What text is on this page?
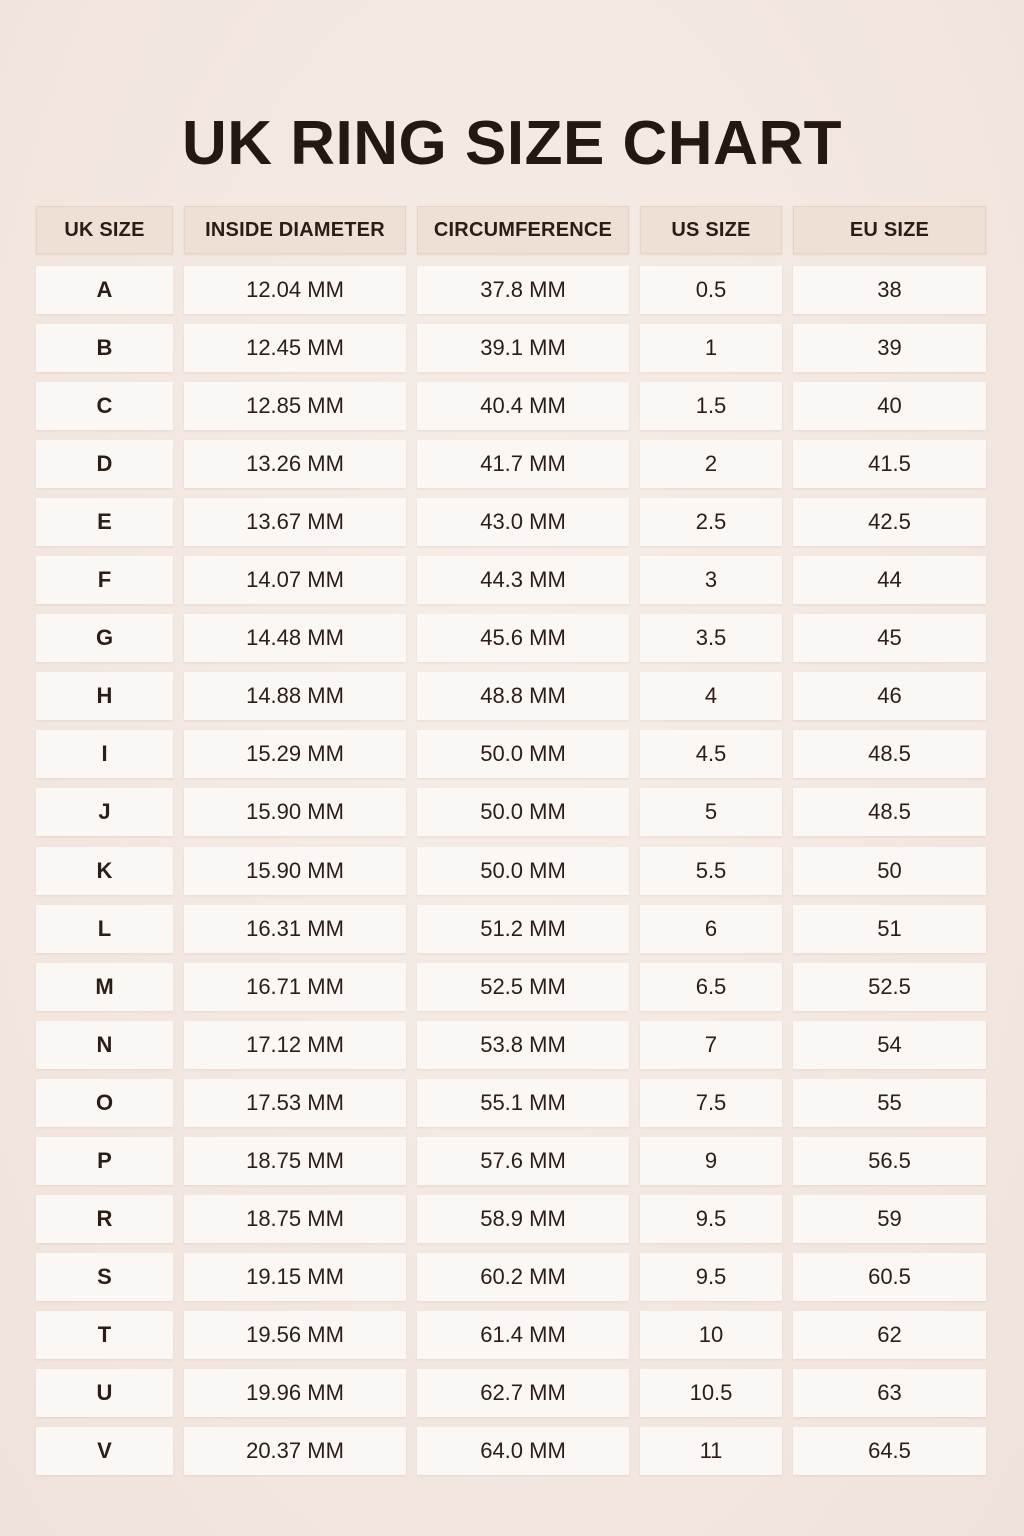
UK RING SIZE CHART
UK SIZE	INSIDE DIAMETER	CIRCUMFERENCE	US SIZE	EU SIZE
A	12.04 MM	37.8 MM	0.5	38
B	12.45 MM	39.1 MM	1	39
C	12.85 MM	40.4 MM	1.5	40
D	13.26 MM	41.7 MM	2	41.5
E	13.67 MM	43.0 MM	2.5	42.5
F	14.07 MM	44.3 MM	3	44
G	14.48 MM	45.6 MM	3.5	45
H	14.88 MM	48.8 MM	4	46
I	15.29 MM	50.0 MM	4.5	48.5
J	15.90 MM	50.0 MM	5	48.5
K	15.90 MM	50.0 MM	5.5	50
L	16.31 MM	51.2 MM	6	51
M	16.71 MM	52.5 MM	6.5	52.5
N	17.12 MM	53.8 MM	7	54
O	17.53 MM	55.1 MM	7.5	55
P	18.75 MM	57.6 MM	9	56.5
R	18.75 MM	58.9 MM	9.5	59
S	19.15 MM	60.2 MM	9.5	60.5
T	19.56 MM	61.4 MM	10	62
U	19.96 MM	62.7 MM	10.5	63
V	20.37 MM	64.0 MM	11	64.5
